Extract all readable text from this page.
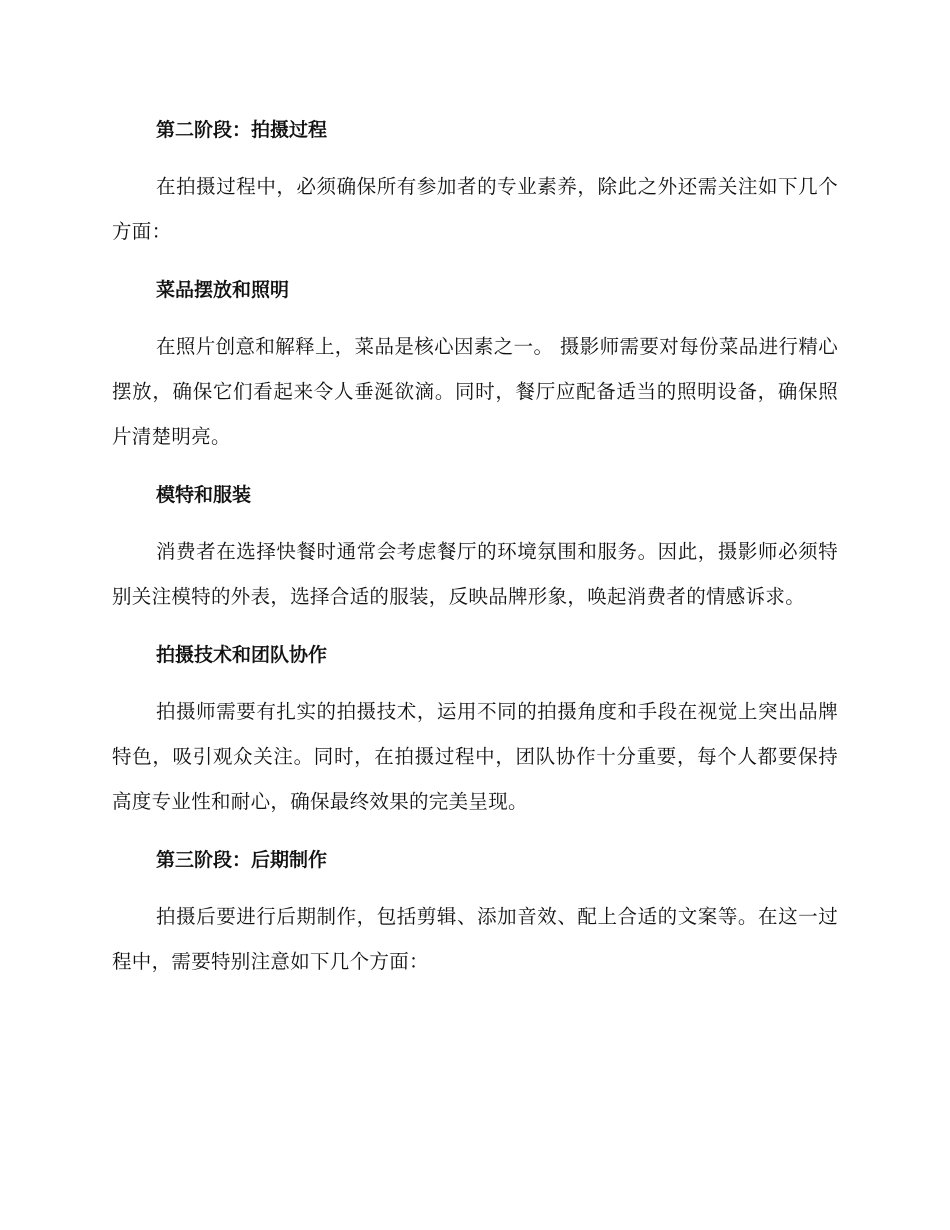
第二阶段：拍摄过程

在拍摄过程中，必须确保所有参加者的专业素养，除此之外还需关注如下几个方面：

菜品摆放和照明

在照片创意和解释上，菜品是核心因素之一。 摄影师需要对每份菜品进行精心摆放，确保它们看起来令人垂涎欲滴。同时，餐厅应配备适当的照明设备，确保照片清楚明亮。

模特和服装

消费者在选择快餐时通常会考虑餐厅的环境氛围和服务。因此，摄影师必须特别关注模特的外表，选择合适的服装，反映品牌形象，唤起消费者的情感诉求。

拍摄技术和团队协作

拍摄师需要有扎实的拍摄技术，运用不同的拍摄角度和手段在视觉上突出品牌特色，吸引观众关注。同时，在拍摄过程中，团队协作十分重要，每个人都要保持高度专业性和耐心，确保最终效果的完美呈现。

第三阶段：后期制作

拍摄后要进行后期制作，包括剪辑、添加音效、配上合适的文案等。在这一过程中，需要特别注意如下几个方面：
